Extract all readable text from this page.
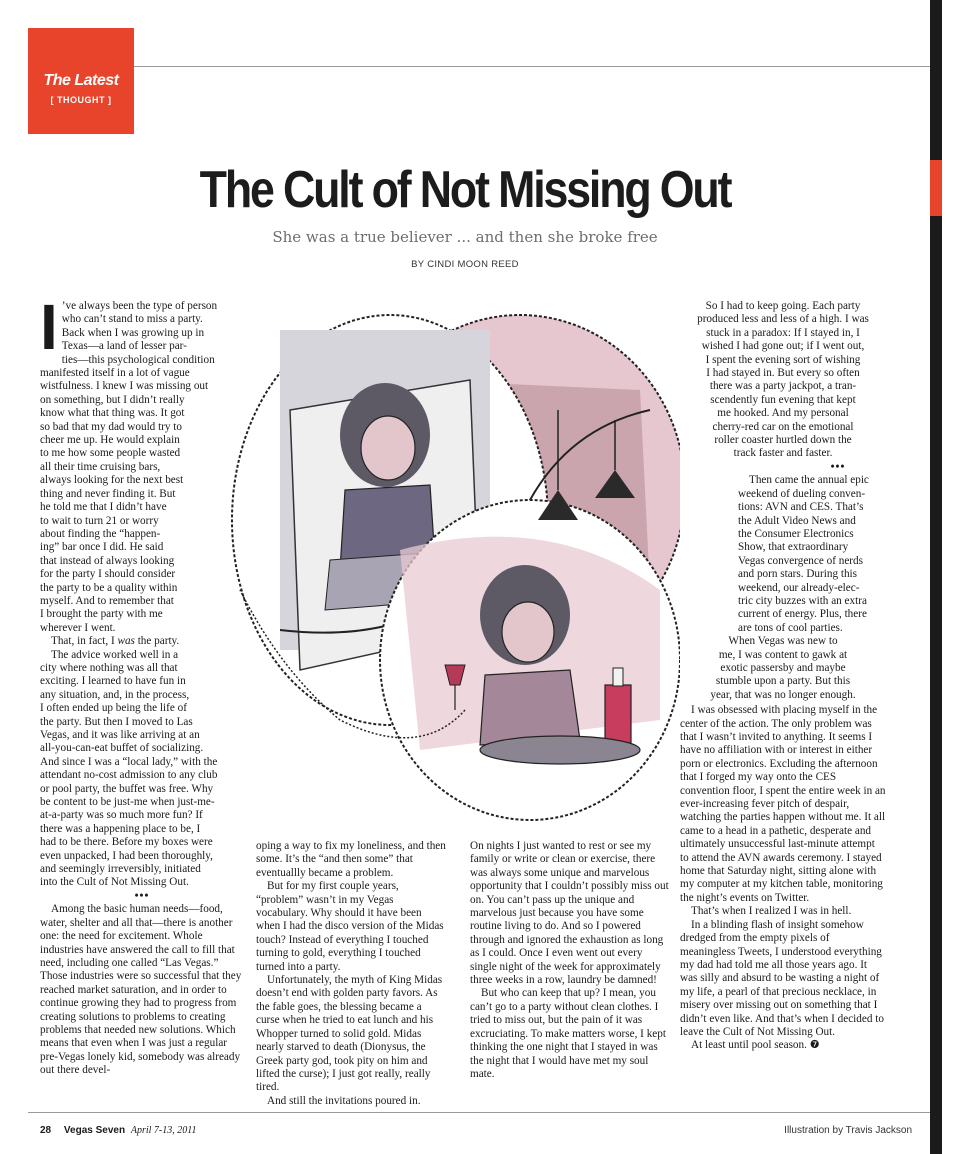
The Latest
[ THOUGHT ]
The Cult of Not Missing Out
She was a true believer ... and then she broke free
BY CINDI MOON REED
I ’ve always been the type of person
who can’t stand to miss a party.
Back when I was growing up in
Texas—a land of lesser par-
ties—this psychological condition
manifested itself in a lot of vague
wistfulness. I knew I was missing out
on something, but I didn’t really
know what that thing was. It got
so bad that my dad would try to
cheer me up. He would explain
to me how some people wasted
all their time cruising bars,
always looking for the next best
thing and never finding it. But
he told me that I didn’t have
to wait to turn 21 or worry
about finding the “happen-
ing” bar once I did. He said
that instead of always looking
for the party I should consider
the party to be a quality within
myself. And to remember that
I brought the party with me
wherever I went.

That, in fact, I was the party.

The advice worked well in a
city where nothing was all that
exciting. I learned to have fun in
any situation, and, in the process,
I often ended up being the life of
the party. But then I moved to Las
Vegas, and it was like arriving at an
all-you-can-eat buffet of socializing.
And since I was a “local lady,” with the
attendant no-cost admission to any club
or pool party, the buffet was free. Why
be content to be just-me when just-me-
at-a-party was so much more fun? If
there was a happening place to be, I
had to be there. Before my boxes were
even unpacked, I had been thoroughly,
and seemingly irreversibly, initiated
into the Cult of Not Missing Out.

•••

Among the basic human needs—food, water, shelter and all that—there is another one: the need for excitement. Whole industries have answered the call to fill that need, including one called “Las Vegas.” Those industries were so successful that they reached market saturation, and in order to continue growing they had to progress from creating solutions to problems to creating problems that needed new solutions. Which means that even when I was just a regular pre-Vegas lonely kid, somebody was already out there devel-

oping a way to fix my loneliness, and then some. It’s the “and then some” that eventuallly became a problem.

But for my first couple years, “problem” wasn’t in my Vegas vocabulary. Why should it have been when I had the disco version of the Midas touch? Instead of everything I touched turning to gold, everything I touched turned into a party.

Unfortunately, the myth of King Midas doesn’t end with golden party favors. As the fable goes, the blessing became a curse when he tried to eat lunch and his Whopper turned to solid gold. Midas nearly starved to death (Dionysus, the Greek party god, took pity on him and lifted the curse); I just got really, really tired.

And still the invitations poured in.

On nights I just wanted to rest or see my family or write or clean or exercise, there was always some unique and marvelous opportunity that I couldn’t possibly miss out on. You can’t pass up the unique and marvelous just because you have some routine living to do. And so I powered through and ignored the exhaustion as long as I could. Once I even went out every single night of the week for approximately three weeks in a row, laundry be damned!

But who can keep that up? I mean, you can’t go to a party without clean clothes. I tried to miss out, but the pain of it was excruciating. To make matters worse, I kept thinking the one night that I stayed in was the night that I would have met my soul mate.

So I had to keep going. Each party
produced less and less of a high. I was
stuck in a paradox: If I stayed in, I
wished I had gone out; if I went out,
I spent the evening sort of wishing
I had stayed in. But every so often
there was a party jackpot, a tran-
scendently fun evening that kept
me hooked. And my personal
cherry-red car on the emotional
roller coaster hurtled down the
track faster and faster.

•••

Then came the annual epic
weekend of dueling conven-
tions: AVN and CES. That’s
the Adult Video News and
the Consumer Electronics
Show, that extraordinary
Vegas convergence of nerds
and porn stars. During this
weekend, our already-elec-
tric city buzzes with an extra
current of energy. Plus, there
are tons of cool parties.
When Vegas was new to
me, I was content to gawk at
exotic passersby and maybe
stumble upon a party. But this
year, that was no longer enough.

I was obsessed with placing myself in the center of the action. The only problem was that I wasn’t invited to anything. It seems I have no affiliation with or interest in either porn or electronics. Excluding the afternoon that I forged my way onto the CES convention floor, I spent the entire week in an ever-increasing fever pitch of despair, watching the parties happen without me. It all came to a head in a pathetic, desperate and ultimately unsuccessful last-minute attempt to attend the AVN awards ceremony. I stayed home that Saturday night, sitting alone with my computer at my kitchen table, monitoring the night’s events on Twitter.

That’s when I realized I was in hell.

In a blinding flash of insight somehow dredged from the empty pixels of meaningless Tweets, I understood everything my dad had told me all those years ago. It was silly and absurd to be wasting a night of my life, a pearl of that precious necklace, in misery over missing out on something that I didn’t even like. And that’s when I decided to leave the Cult of Not Missing Out.

At least until pool season. ❼

28 Vegas Seven April 7-13, 2011	Illustration by Travis Jackson
